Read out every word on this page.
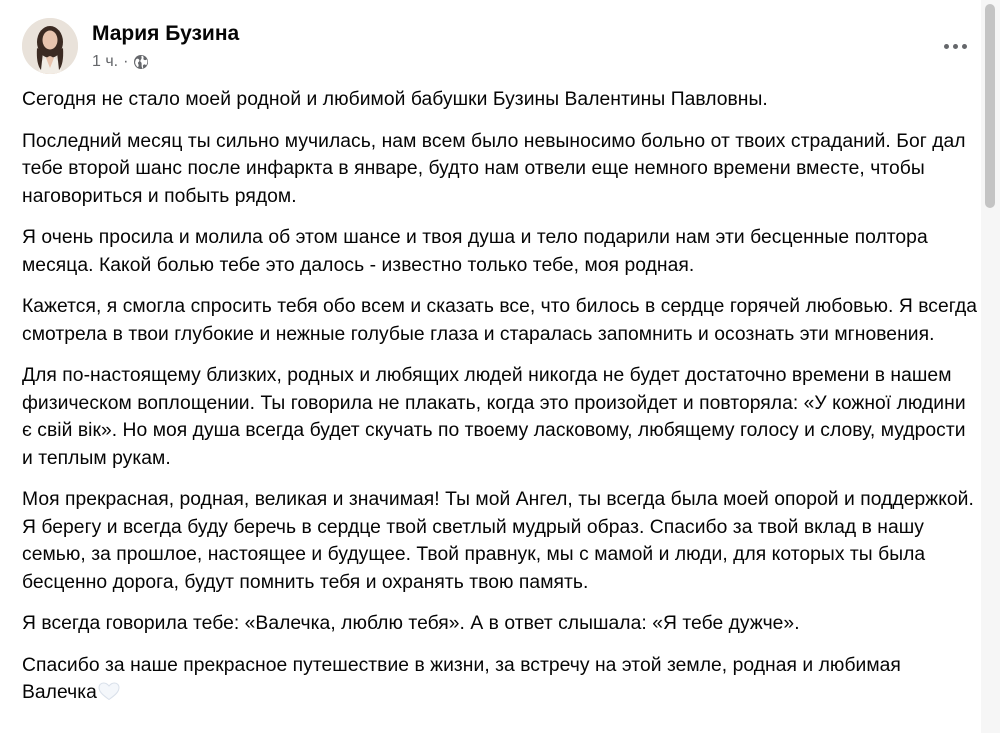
Мария Бузина
1 ч. ·

Сегодня не стало моей родной и любимой бабушки Бузины Валентины Павловны.

Последний месяц ты сильно мучилась, нам всем было невыносимо больно от твоих страданий. Бог дал тебе второй шанс после инфаркта в январе, будто нам отвели еще немного времени вместе, чтобы наговориться и побыть рядом.

Я очень просила и молила об этом шансе и твоя душа и тело подарили нам эти бесценные полтора месяца. Какой болью тебе это далось - известно только тебе, моя родная.

Кажется, я смогла спросить тебя обо всем и сказать все, что билось в сердце горячей любовью. Я всегда смотрела в твои глубокие и нежные голубые глаза и старалась запомнить и осознать эти мгновения.

Для по-настоящему близких, родных и любящих людей никогда не будет достаточно времени в нашем физическом воплощении. Ты говорила не плакать, когда это произойдет и повторяла: «У кожної людини є свій вік». Но моя душа всегда будет скучать по твоему ласковому, любящему голосу и слову, мудрости и теплым рукам.

Моя прекрасная, родная, великая и значимая! Ты мой Ангел, ты всегда была моей опорой и поддержкой. Я берегу и всегда буду беречь в сердце твой светлый мудрый образ. Спасибо за твой вклад в нашу семью, за прошлое, настоящее и будущее. Твой правнук, мы с мамой и люди, для которых ты была бесценно дорога, будут помнить тебя и охранять твою память.

Я всегда говорила тебе: «Валечка, люблю тебя». А в ответ слышала: «Я тебе дужче».

Спасибо за наше прекрасное путешествие в жизни, за встречу на этой земле, родная и любимая Валечка
